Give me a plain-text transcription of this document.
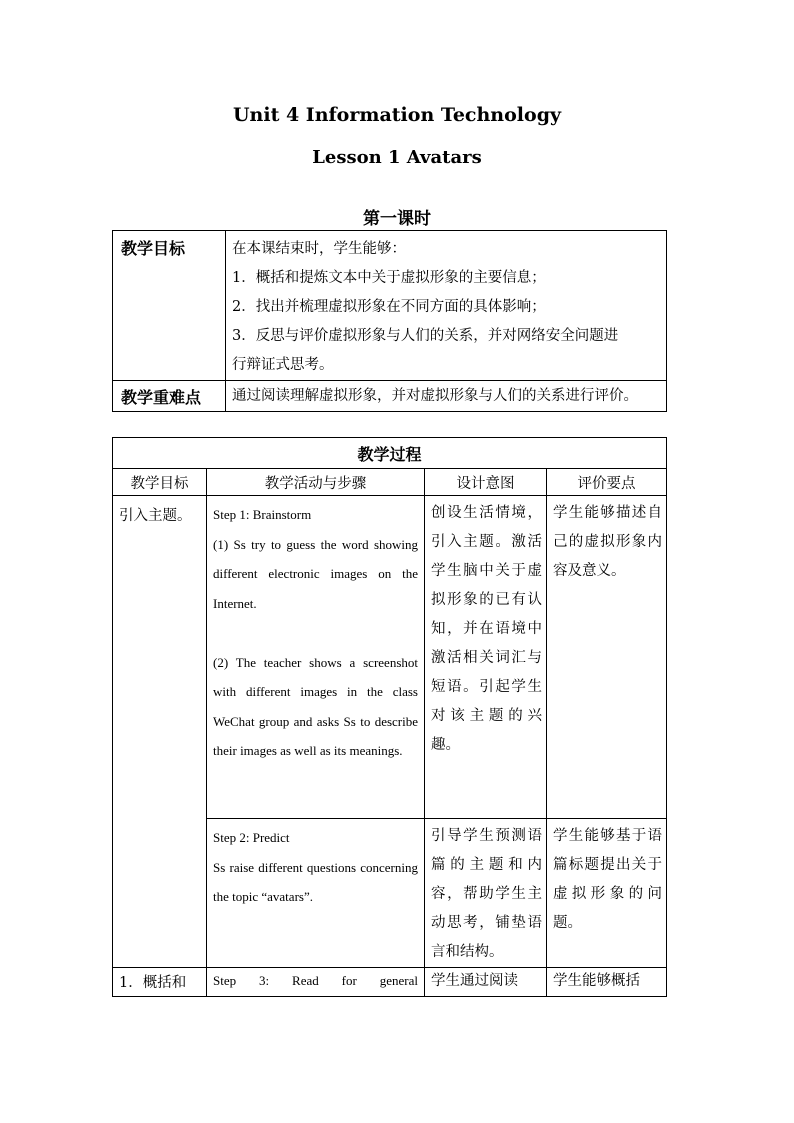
Unit 4 Information Technology
Lesson 1 Avatars
第一课时
教学目标	在本课结束时，学生能够：
1．概括和提炼文本中关于虚拟形象的主要信息；
2．找出并梳理虚拟形象在不同方面的具体影响；
3．反思与评价虚拟形象与人们的关系，并对网络安全问题进
行辩证式思考。

教学重难点	通过阅读理解虚拟形象，并对虚拟形象与人们的关系进行评价。
教学过程			
教学目标	教学活动与步骤	设计意图	评价要点
引入主题。	Step 1: Brainstorm
(1) Ss try to guess the word showing different electronic images on the Internet.
(2) The teacher shows a screenshot with different images in the class WeChat group and asks Ss to describe their images as well as its meanings.	创设生活情境，引入主题。激活学生脑中关于虚拟形象的已有认知，并在语境中激活相关词汇与短语。引起学生对该主题的兴趣。	学生能够描述自己的虚拟形象内容及意义。

	Step 2: Predict
Ss raise different questions concerning the topic “avatars”.	引导学生预测语篇的主题和内容，帮助学生主动思考，铺垫语言和结构。	学生能够基于语篇标题提出关于虚拟形象的问题。
1．概括和	Step 3: Read for general	学生通过阅读	学生能够概括
